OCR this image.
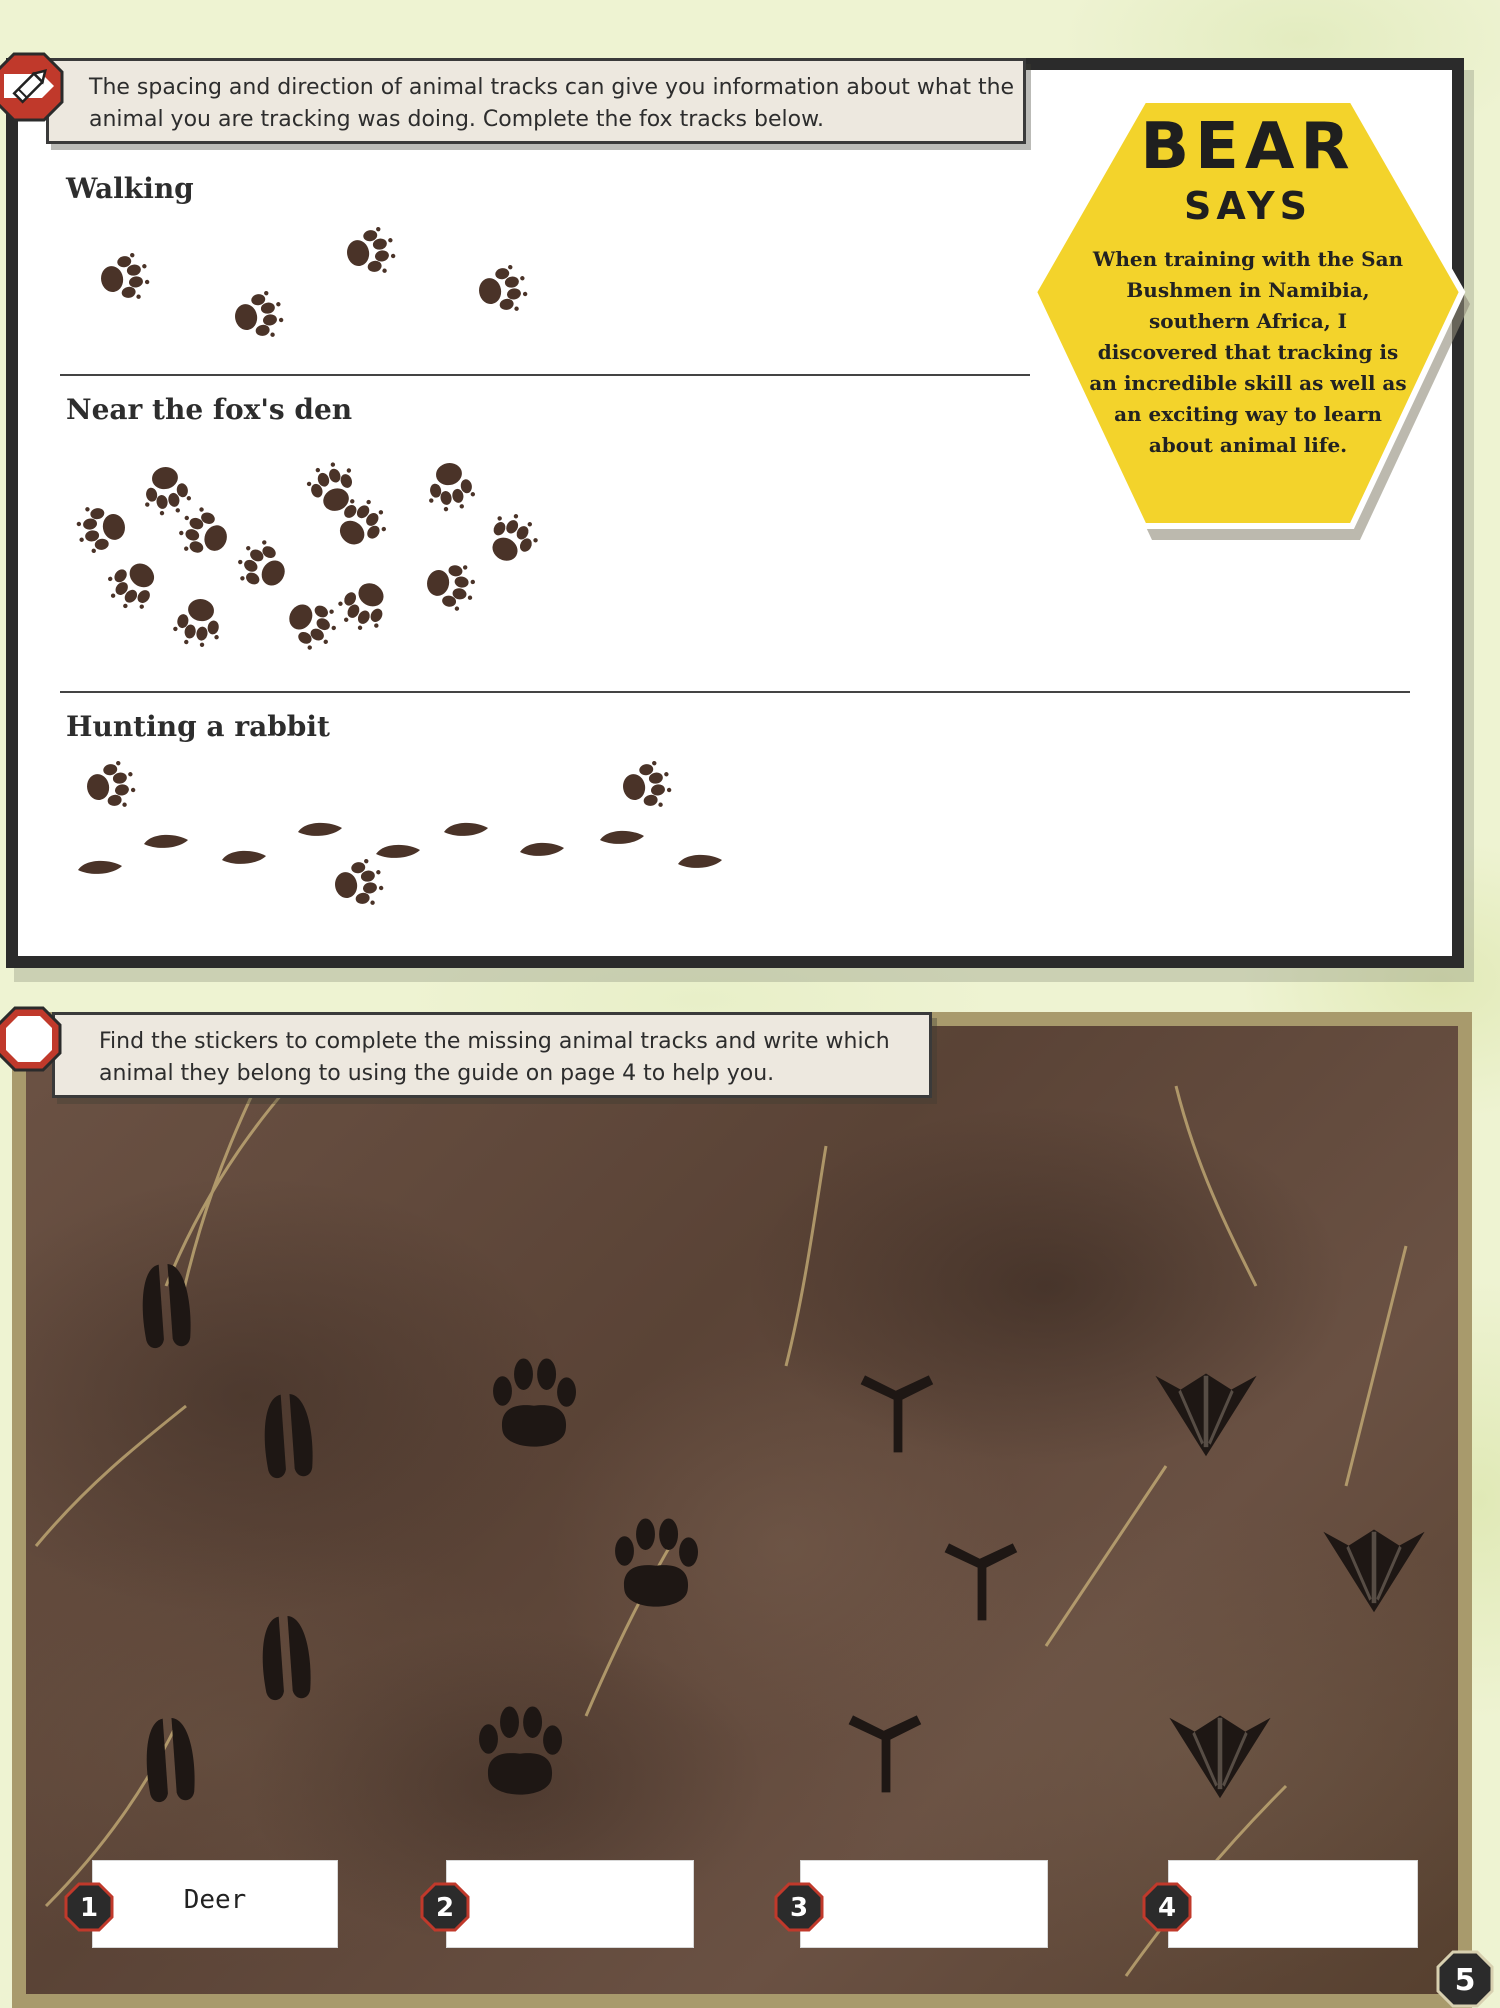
The spacing and direction of animal tracks can give you information about what the animal you are tracking was doing. Complete the fox tracks below.
Walking
Near the fox's den
Hunting a rabbit
BEAR
SAYS
When training with the San Bushmen in Namibia, southern Africa, I discovered that tracking is an incredible skill as well as an exciting way to learn about animal life.
Find the stickers to complete the missing animal tracks and write which animal they belong to using the guide on page 4 to help you.
1	Deer	2	3	4
5
